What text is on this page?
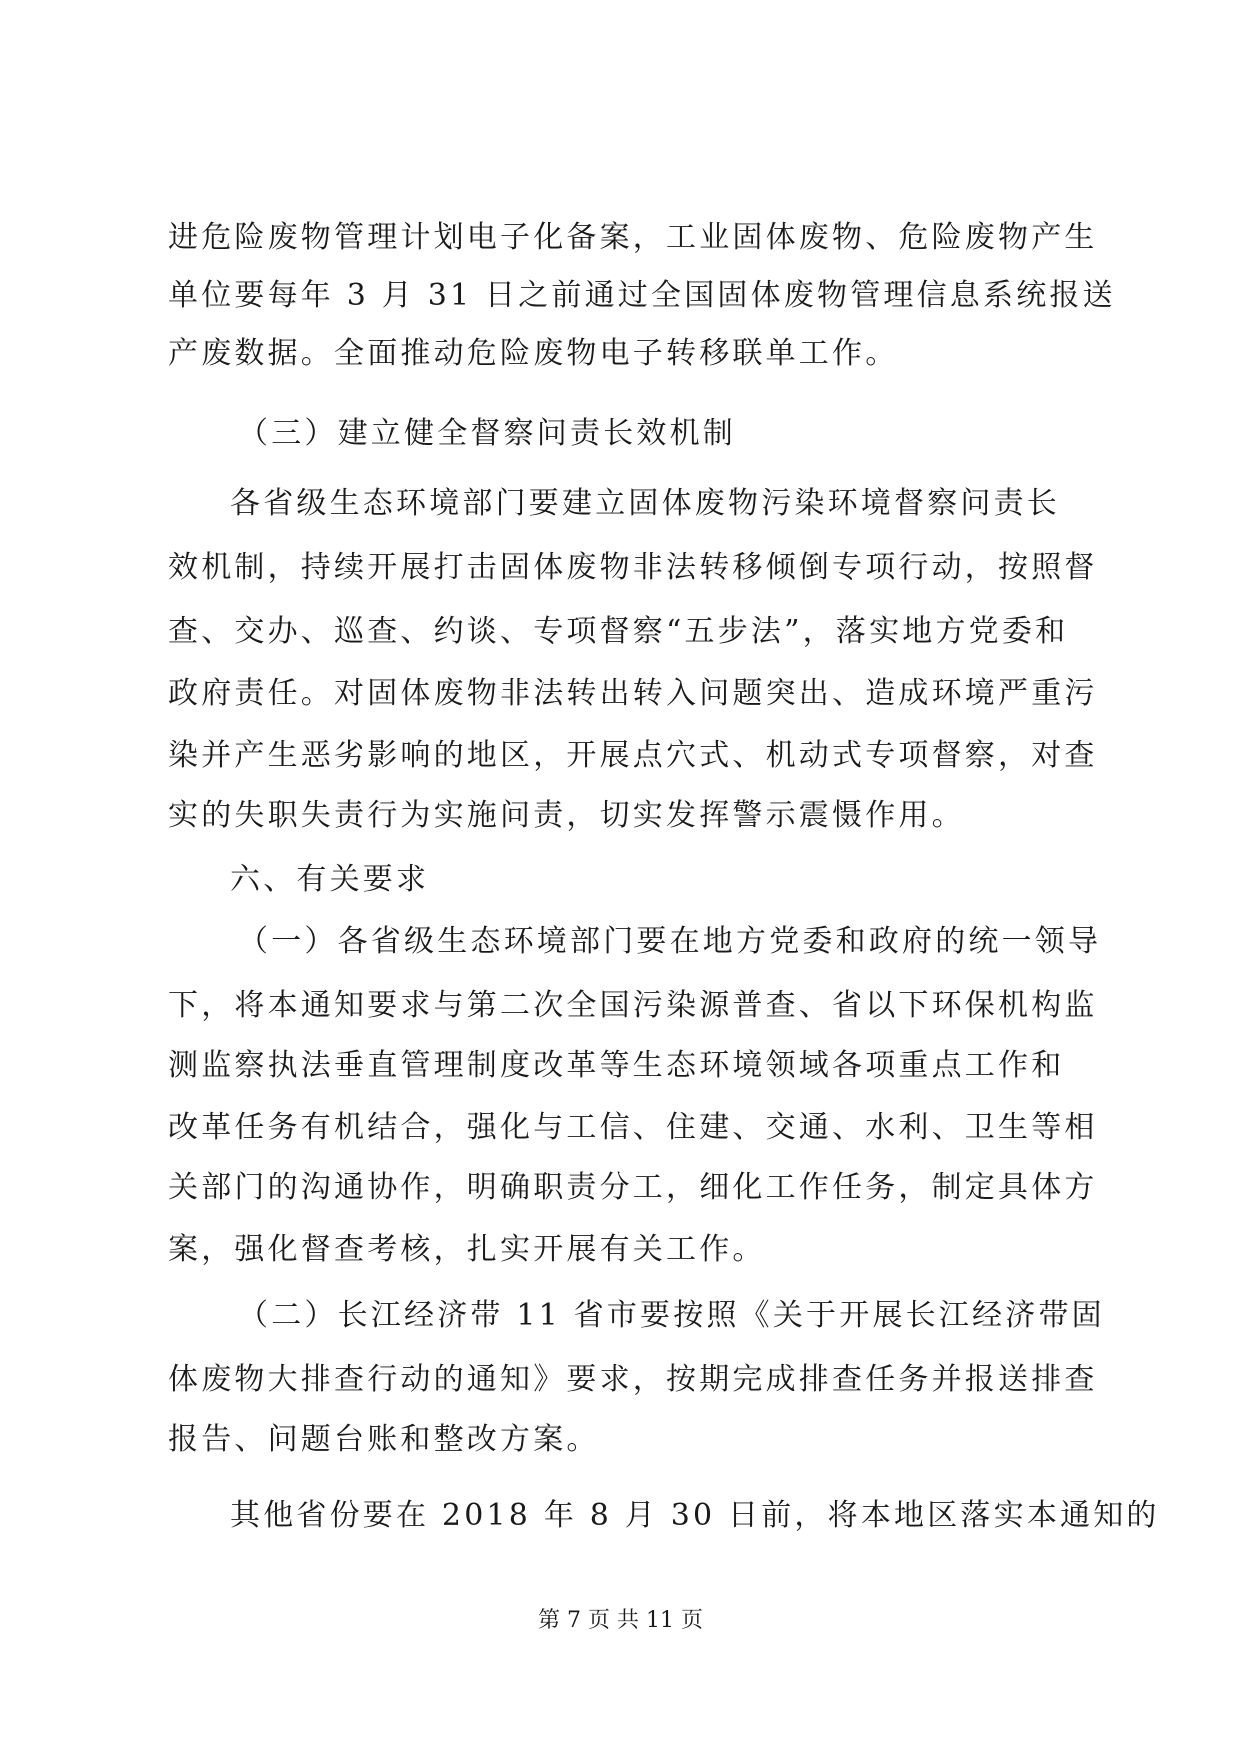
进危险废物管理计划电子化备案，工业固体废物、危险废物产生
单位要每年 3 月 31 日之前通过全国固体废物管理信息系统报送
产废数据。全面推动危险废物电子转移联单工作。
（三）建立健全督察问责长效机制
各省级生态环境部门要建立固体废物污染环境督察问责长
效机制，持续开展打击固体废物非法转移倾倒专项行动，按照督
查、交办、巡查、约谈、专项督察“五步法”，落实地方党委和
政府责任。对固体废物非法转出转入问题突出、造成环境严重污
染并产生恶劣影响的地区，开展点穴式、机动式专项督察，对查
实的失职失责行为实施问责，切实发挥警示震慑作用。
六、有关要求
（一）各省级生态环境部门要在地方党委和政府的统一领导
下，将本通知要求与第二次全国污染源普查、省以下环保机构监
测监察执法垂直管理制度改革等生态环境领域各项重点工作和
改革任务有机结合，强化与工信、住建、交通、水利、卫生等相
关部门的沟通协作，明确职责分工，细化工作任务，制定具体方
案，强化督查考核，扎实开展有关工作。
（二）长江经济带 11 省市要按照《关于开展长江经济带固
体废物大排查行动的通知》要求，按期完成排查任务并报送排查
报告、问题台账和整改方案。
其他省份要在 2018 年 8 月 30 日前，将本地区落实本通知的
第 7 页 共 11 页
